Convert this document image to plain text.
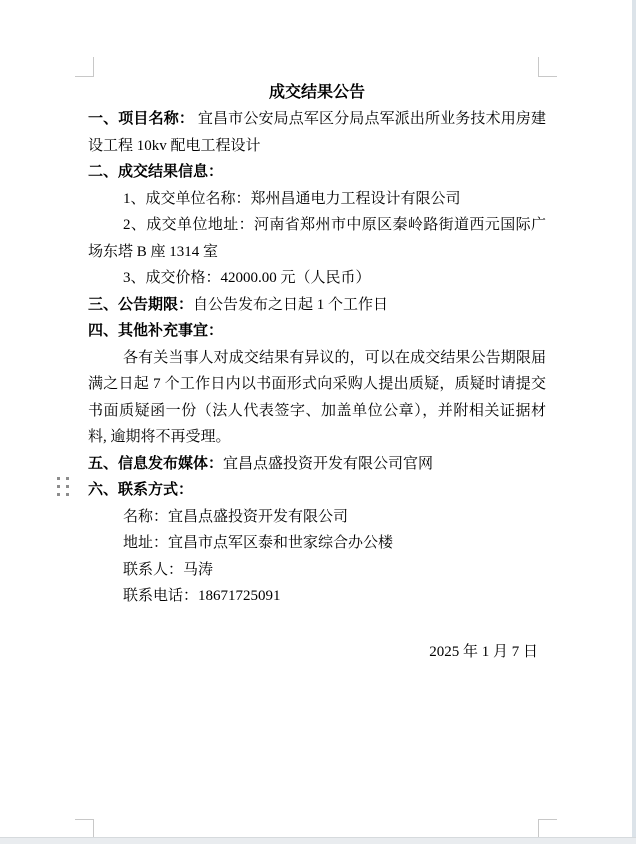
成交结果公告

一、项目名称： 宜昌市公安局点军区分局点军派出所业务技术用房建设工程 10kv 配电工程设计

二、成交结果信息：

1、成交单位名称：郑州昌通电力工程设计有限公司

2、成交单位地址：河南省郑州市中原区秦岭路街道西元国际广场东塔 B 座 1314 室

3、成交价格：42000.00 元（人民币）

三、公告期限：自公告发布之日起 1 个工作日

四、其他补充事宜：

各有关当事人对成交结果有异议的，可以在成交结果公告期限届满之日起 7 个工作日内以书面形式向采购人提出质疑，质疑时请提交书面质疑函一份（法人代表签字、加盖单位公章），并附相关证据材料, 逾期将不再受理。

五、信息发布媒体：宜昌点盛投资开发有限公司官网

六、联系方式：

名称：宜昌点盛投资开发有限公司

地址：宜昌市点军区泰和世家综合办公楼

联系人：马涛

联系电话：18671725091

2025 年 1 月 7 日
